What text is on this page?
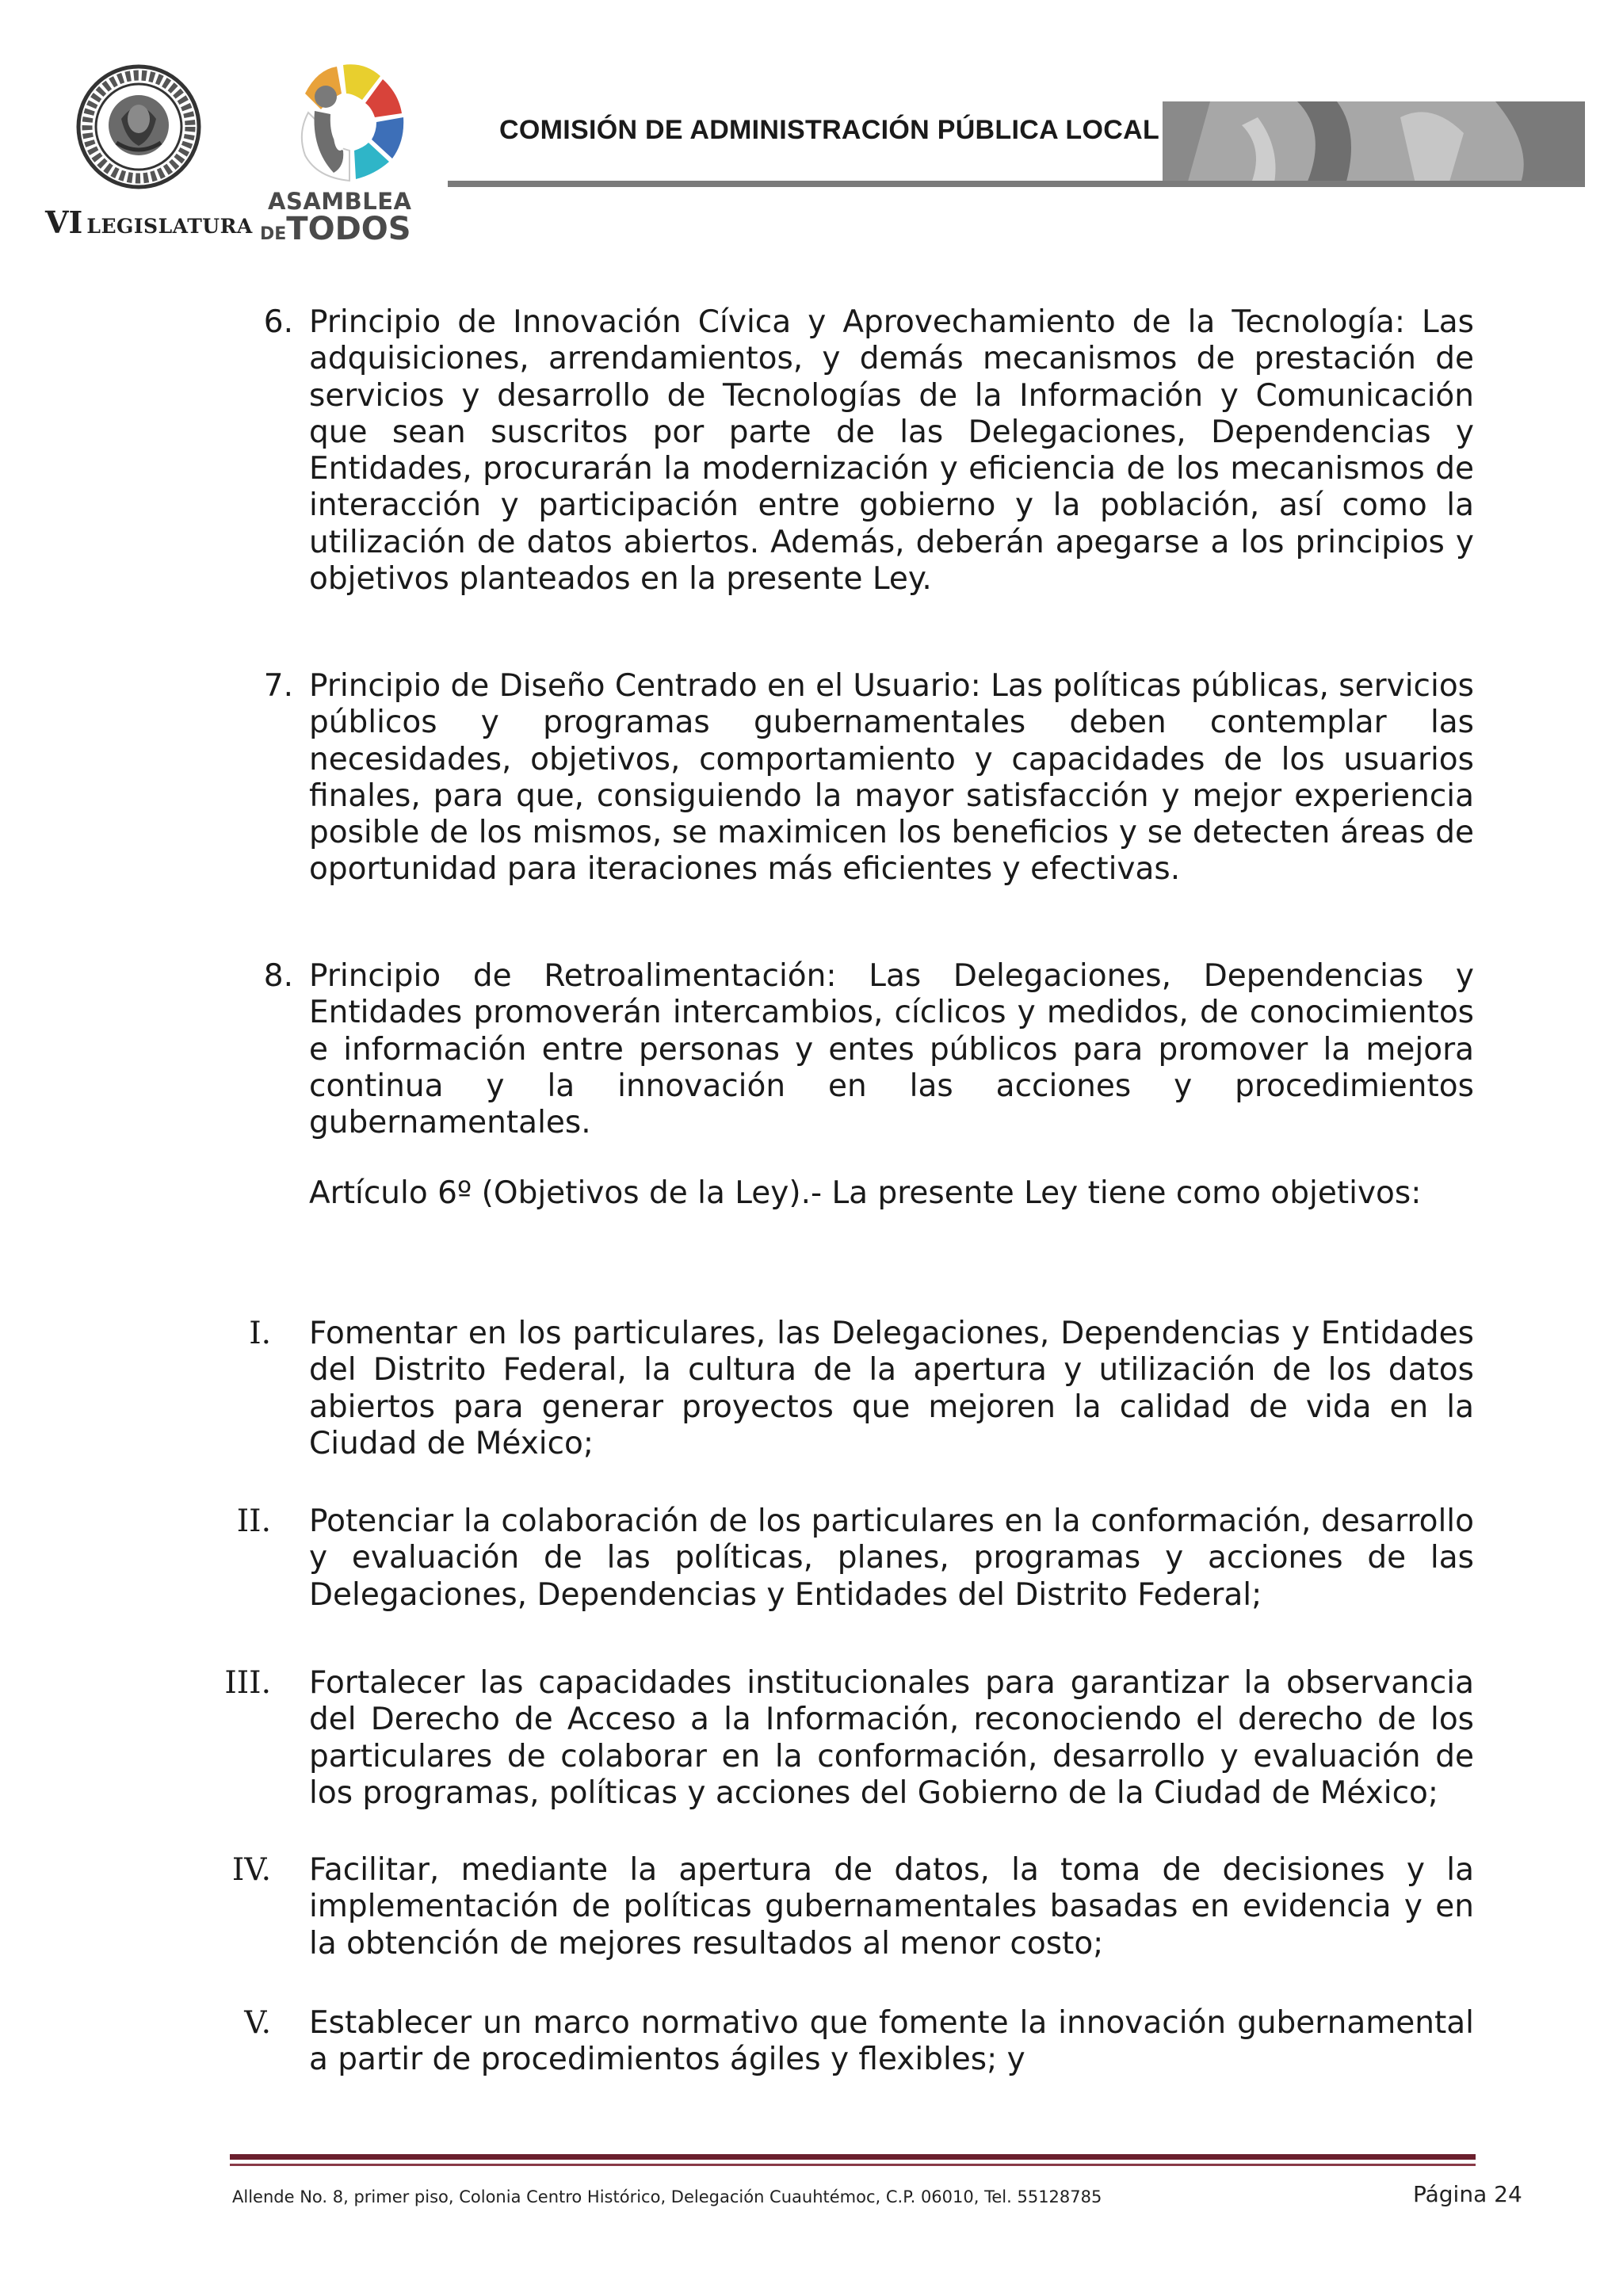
VI LEGISLATURA
ASAMBLEA
DETODOS
COMISIÓN DE ADMINISTRACIÓN PÚBLICA LOCAL
6. Principio de Innovación Cívica y Aprovechamiento de la Tecnología: Las adquisiciones, arrendamientos, y demás mecanismos de prestación de servicios y desarrollo de Tecnologías de la Información y Comunicación que sean suscritos por parte de las Delegaciones, Dependencias y Entidades, procurarán la modernización y eficiencia de los mecanismos de interacción y participación entre gobierno y la población, así como la utilización de datos abiertos. Además, deberán apegarse a los principios y objetivos planteados en la presente Ley.

7. Principio de Diseño Centrado en el Usuario: Las políticas públicas, servicios públicos y programas gubernamentales deben contemplar las necesidades, objetivos, comportamiento y capacidades de los usuarios finales, para que, consiguiendo la mayor satisfacción y mejor experiencia posible de los mismos, se maximicen los beneficios y se detecten áreas de oportunidad para iteraciones más eficientes y efectivas.

8. Principio de Retroalimentación: Las Delegaciones, Dependencias y Entidades promoverán intercambios, cíclicos y medidos, de conocimientos e información entre personas y entes públicos para promover la mejora continua y la innovación en las acciones y procedimientos gubernamentales.

Artículo 6º (Objetivos de la Ley).- La presente Ley tiene como objetivos:

I. Fomentar en los particulares, las Delegaciones, Dependencias y Entidades del Distrito Federal, la cultura de la apertura y utilización de los datos abiertos para generar proyectos que mejoren la calidad de vida en la Ciudad de México;

II. Potenciar la colaboración de los particulares en la conformación, desarrollo y evaluación de las políticas, planes, programas y acciones de las Delegaciones, Dependencias y Entidades del Distrito Federal;

III. Fortalecer las capacidades institucionales para garantizar la observancia del Derecho de Acceso a la Información, reconociendo el derecho de los particulares de colaborar en la conformación, desarrollo y evaluación de los programas, políticas y acciones del Gobierno de la Ciudad de México;

IV. Facilitar, mediante la apertura de datos, la toma de decisiones y la implementación de políticas gubernamentales basadas en evidencia y en la obtención de mejores resultados al menor costo;

V. Establecer un marco normativo que fomente la innovación gubernamental a partir de procedimientos ágiles y flexibles; y

Allende No. 8, primer piso, Colonia Centro Histórico, Delegación Cuauhtémoc, C.P. 06010, Tel. 55128785	Página 24
